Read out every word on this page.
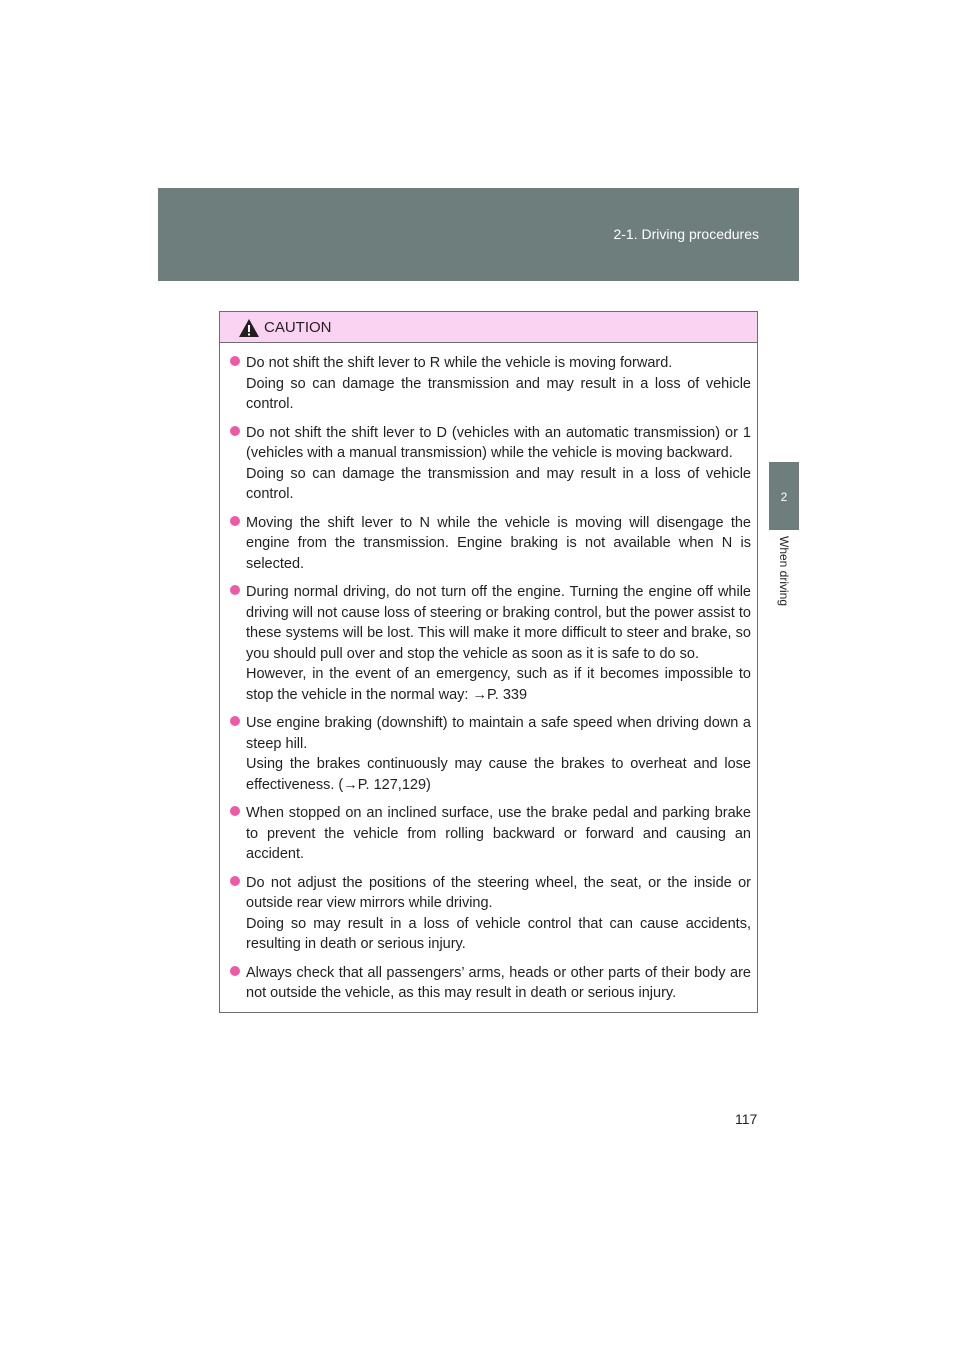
2-1. Driving procedures
2
When driving
CAUTION

Do not shift the shift lever to R while the vehicle is moving forward.

Doing so can damage the transmission and may result in a loss of vehicle control.

Do not shift the shift lever to D (vehicles with an automatic transmission) or 1 (vehicles with a manual transmission) while the vehicle is moving backward.

Doing so can damage the transmission and may result in a loss of vehicle control.

Moving the shift lever to N while the vehicle is moving will disengage the engine from the transmission. Engine braking is not available when N is selected.

During normal driving, do not turn off the engine. Turning the engine off while driving will not cause loss of steering or braking control, but the power assist to these systems will be lost. This will make it more difficult to steer and brake, so you should pull over and stop the vehicle as soon as it is safe to do so.

However, in the event of an emergency, such as if it becomes impossible to stop the vehicle in the normal way: →P. 339

Use engine braking (downshift) to maintain a safe speed when driving down a steep hill.

Using the brakes continuously may cause the brakes to overheat and lose effectiveness. (→P. 127,129)

When stopped on an inclined surface, use the brake pedal and parking brake to prevent the vehicle from rolling backward or forward and causing an accident.

Do not adjust the positions of the steering wheel, the seat, or the inside or outside rear view mirrors while driving.

Doing so may result in a loss of vehicle control that can cause accidents, resulting in death or serious injury.

Always check that all passengers’ arms, heads or other parts of their body are not outside the vehicle, as this may result in death or serious injury.

117
